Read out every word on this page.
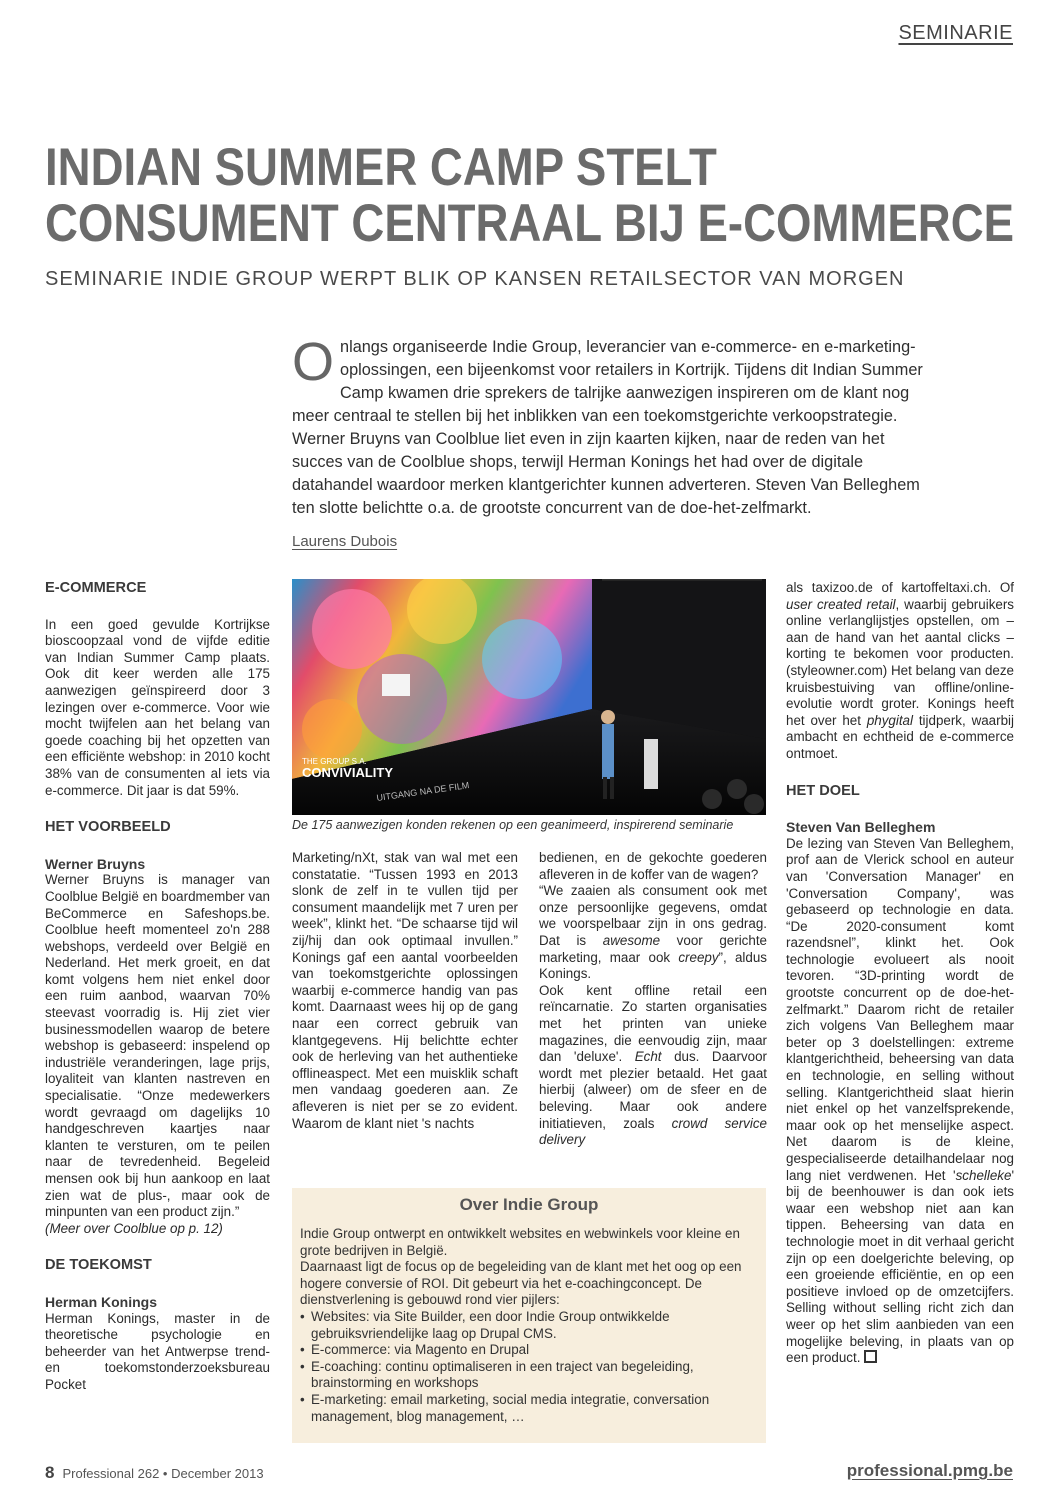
SEMINARIE
INDIAN SUMMER CAMP STELT
CONSUMENT CENTRAAL BIJ E-COMMERCE
SEMINARIE INDIE GROUP WERPT BLIK OP KANSEN RETAILSECTOR VAN MORGEN
Onlangs organiseerde Indie Group, leverancier van e-commerce- en e-marketing-oplossingen, een bijeenkomst voor retailers in Kortrijk. Tijdens dit Indian Summer Camp kwamen drie sprekers de talrijke aanwezigen inspireren om de klant nog meer centraal te stellen bij het inblikken van een toekomstgerichte verkoopstrategie. Werner Bruyns van Coolblue liet even in zijn kaarten kijken, naar de reden van het succes van de Coolblue shops, terwijl Herman Konings het had over de digitale datahandel waardoor merken klantgerichter kunnen adverteren. Steven Van Belleghem ten slotte belichtte o.a. de grootste concurrent van de doe-het-zelfmarkt.
Laurens Dubois
E-COMMERCE

In een goed gevulde Kortrijkse bioscoopzaal vond de vijfde editie van Indian Summer Camp plaats. Ook dit keer werden alle 175 aanwezigen geïnspireerd door 3 lezingen over e-commerce. Voor wie mocht twijfelen aan het belang van goede coaching bij het opzetten van een efficiënte webshop: in 2010 kocht 38% van de consumenten al iets via e-commerce. Dit jaar is dat 59%.

HET VOORBEELD
Werner Bruyns

Werner Bruyns is manager van Coolblue België en boardmember van BeCommerce en Safeshops.be. Coolblue heeft momenteel zo'n 288 webshops, verdeeld over België en Nederland. Het merk groeit, en dat komt volgens hem niet enkel door een ruim aanbod, waarvan 70% steevast voorradig is. Hij ziet vier businessmodellen waarop de betere webshop is gebaseerd: inspelend op industriële veranderingen, lage prijs, loyaliteit van klanten nastreven en specialisatie. “Onze medewerkers wordt gevraagd om dagelijks 10 handgeschreven kaartjes naar klanten te versturen, om te peilen naar de tevredenheid. Begeleid mensen ook bij hun aankoop en laat zien wat de plus-, maar ook de minpunten van een product zijn.”

(Meer over Coolblue op p. 12)

DE TOEKOMST
Herman Konings

Herman Konings, master in de theoretische psychologie en beheerder van het Antwerpse trend- en toekomstonderzoeksbureau Pocket

THE GROUP S.A.
CONVIVIALITY
UITGANG NA DE FILM
De 175 aanwezigen konden rekenen op een geanimeerd, inspirerend seminarie

Marketing/nXt, stak van wal met een constatatie. “Tussen 1993 en 2013 slonk de zelf in te vullen tijd per consument maandelijk met 7 uren per week”, klinkt het. “De schaarse tijd wil zij/hij dan ook optimaal invullen.” Konings gaf een aantal voorbeelden van toekomstgerichte oplossingen waarbij e-commerce handig van pas komt. Daarnaast wees hij op de gang naar een correct gebruik van klantgegevens. Hij belichtte echter ook de herleving van het authentieke offlineaspect. Met een muisklik schaft men vandaag goederen aan. Ze afleveren is niet per se zo evident. Waarom de klant niet 's nachts

bedienen, en de gekochte goederen afleveren in de koffer van de wagen?

“We zaaien als consument ook met onze persoonlijke gegevens, omdat we voorspelbaar zijn in ons gedrag. Dat is awesome voor gerichte marketing, maar ook creepy”, aldus Konings.

Ook kent offline retail een reïncarnatie. Zo starten organisaties met het printen van unieke magazines, die eenvoudig zijn, maar dan 'deluxe'. Echt dus. Daarvoor wordt met plezier betaald. Het gaat hierbij (alweer) om de sfeer en de beleving. Maar ook andere initiatieven, zoals crowd service delivery

Over Indie Group

Indie Group ontwerpt en ontwikkelt websites en webwinkels voor kleine en grote bedrijven in België.

Daarnaast ligt de focus op de begeleiding van de klant met het oog op een hogere conversie of ROI. Dit gebeurt via het e-coachingconcept. De dienstverlening is gebouwd rond vier pijlers:

• Websites: via Site Builder, een door Indie Group ontwikkelde gebruiksvriendelijke laag op Drupal CMS.
• E-commerce: via Magento en Drupal
• E-coaching: continu optimaliseren in een traject van begeleiding, brainstorming en workshops
• E-marketing: email marketing, social media integratie, conversation management, blog management, …

als taxizoo.de of kartoffeltaxi.ch. Of user created retail, waarbij gebruikers online verlanglijstjes opstellen, om – aan de hand van het aantal clicks – korting te bekomen voor producten. (styleowner.com) Het belang van deze kruisbestuiving van offline/online-evolutie wordt groter. Konings heeft het over het phygital tijdperk, waarbij ambacht en echtheid de e-commerce ontmoet.

HET DOEL
Steven Van Belleghem

De lezing van Steven Van Belleghem, prof aan de Vlerick school en auteur van 'Conversation Manager' en 'Conversation Company', was gebaseerd op technologie en data. “De 2020-consument komt razendsnel”, klinkt het. Ook technologie evolueert als nooit tevoren. “3D-printing wordt de grootste concurrent op de doe-het-zelfmarkt.” Daarom richt de retailer zich volgens Van Belleghem maar beter op 3 doelstellingen: extreme klantgerichtheid, beheersing van data en technologie, en selling without selling. Klantgerichtheid slaat hierin niet enkel op het vanzelfsprekende, maar ook op het menselijke aspect. Net daarom is de kleine, gespecialiseerde detailhandelaar nog lang niet verdwenen. Het 'schelleke' bij de beenhouwer is dan ook iets waar een webshop niet aan kan tippen. Beheersing van data en technologie moet in dit verhaal gericht zijn op een doelgerichte beleving, op een groeiende efficiëntie, en op een positieve invloed op de omzetcijfers. Selling without selling richt zich dan weer op het slim aanbieden van een mogelijke beleving, in plaats van op een product.

8 Professional 262 • December 2013	professional.pmg.be
